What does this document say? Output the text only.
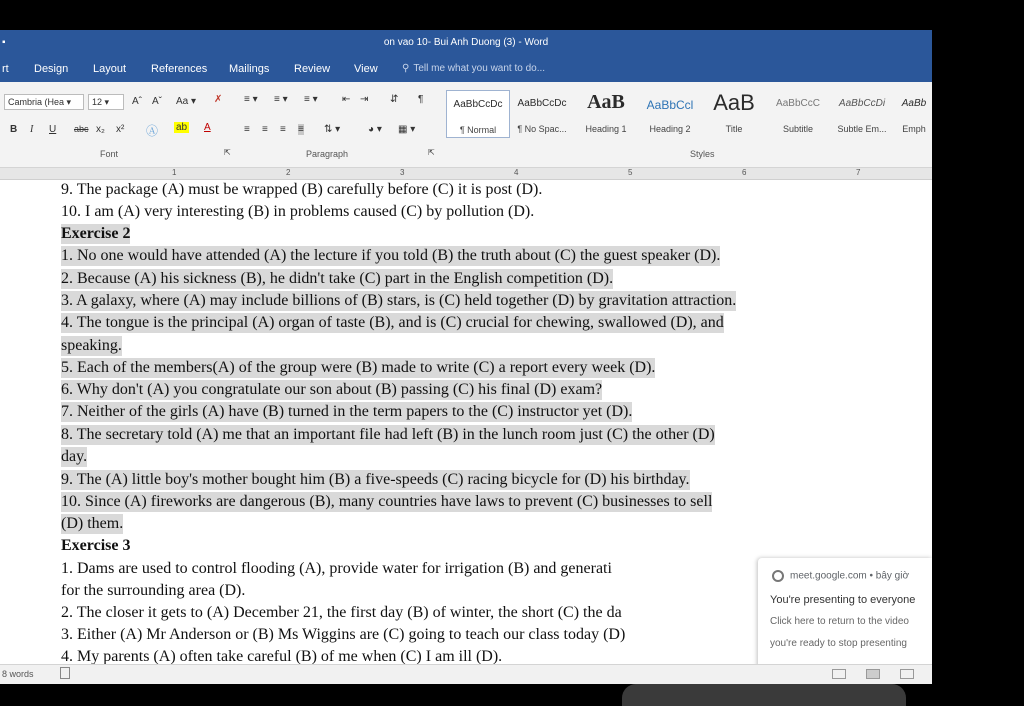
▪	on vao 10- Bui Anh Duong (3) - Word
rt Design Layout References Mailings Review View ⚲ Tell me what you want to do...
Cambria (Hea ▾	12 ▾	Aˆ Aˇ Aa ▾ ✗
B I U abc x₂ x² Ⓐ ab A
Font	⇱
≡ ▾ ≡ ▾ ≡ ▾ ⇤ ⇥ ⇵ ¶
≡ ≡ ≡ ≡ ⇅ ▾	◕ ▾ ▦ ▾
Paragraph	⇱
AaBbCcDc
¶ Normal
AaBbCcDc
¶ No Spac...
AaB
Heading 1
AaBbCcl
Heading 2
AaB
Title
AaBbCcC
Subtitle
AaBbCcDi
Subtle Em...
AaBb
Emph
Styles
1	2	3	4	5	6	7
9. The package (A) must be wrapped (B) carefully before (C) it is post (D).
10. I am (A) very interesting (B) in problems caused (C) by pollution (D).
Exercise 2
1. No one would have attended (A) the lecture if you told (B) the truth about (C) the guest speaker (D).
2. Because (A) his sickness (B), he didn't take (C) part in the English competition (D).
3. A galaxy, where (A) may include billions of (B) stars, is (C) held together (D) by gravitation attraction.
4. The tongue is the principal (A) organ of taste (B), and is (C) crucial for chewing, swallowed (D), and
speaking.
5. Each of the members(A) of the group were (B) made to write (C) a report every week (D).
6. Why don't (A) you congratulate our son about (B) passing (C) his final (D) exam?
7. Neither of the girls (A) have (B) turned in the term papers to the (C) instructor yet (D).
8. The secretary told (A) me that an important file had left (B) in the lunch room just (C) the other (D)
day.
9. The (A) little boy's mother bought him (B) a five-speeds (C) racing bicycle for (D) his birthday.
10. Since (A) fireworks are dangerous (B), many countries have laws to prevent (C) businesses to sell
(D) them.
Exercise 3
1. Dams are used to control flooding (A), provide water for irrigation (B) and generati
for the surrounding area (D).
2. The closer it gets to (A) December 21, the first day (B) of winter, the short (C) the da
3. Either (A) Mr Anderson or (B) Ms Wiggins are (C) going to teach our class today (D)
4. My parents (A) often take careful (B) of me when (C) I am ill (D).
meet.google.com • bây giờ
You're presenting to everyone
Click here to return to the video
you're ready to stop presenting
8 words
